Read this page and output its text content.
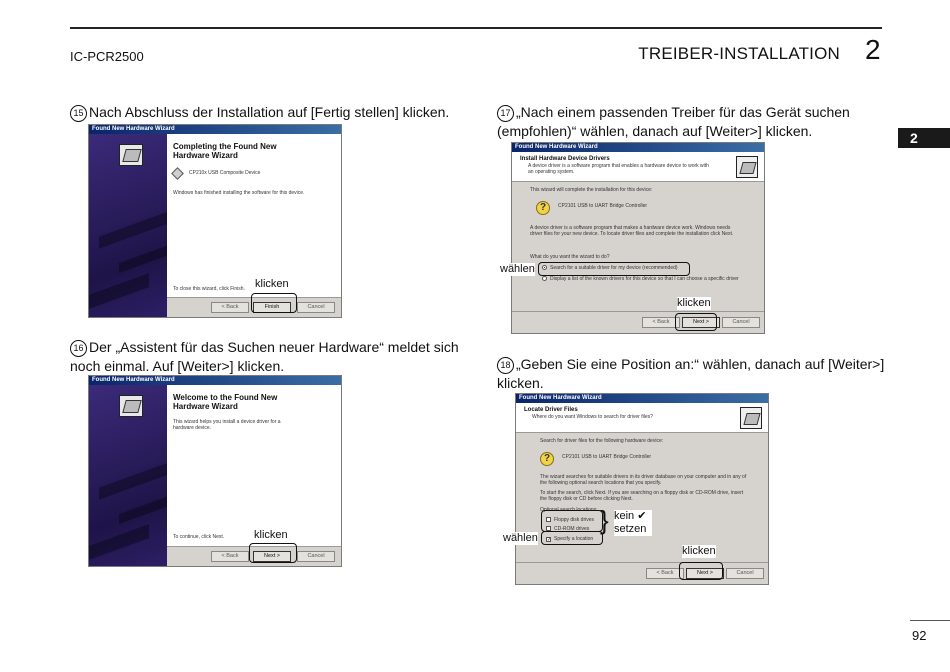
IC-PCR2500	TREIBER-INSTALLATION 2
2
15 Nach Abschluss der Installation auf [Fertig stellen] klicken.
Found New Hardware Wizard
Completing the Found New Hardware Wizard
CP210x USB Composite Device
Windows has finished installing the software for this device.
To close this wizard, click Finish.
< Back	Finish	Cancel
klicken
16 Der „Assistent für das Suchen neuer Hardware“ meldet sich noch einmal. Auf [Weiter>] klicken.
Found New Hardware Wizard
Welcome to the Found New Hardware Wizard
This wizard helps you install a device driver for a hardware device.
To continue, click Next.
< Back	Next >	Cancel
klicken
17 „Nach einem passenden Treiber für das Gerät suchen (empfohlen)“ wählen, danach auf [Weiter>] klicken.
Found New Hardware Wizard
Install Hardware Device Drivers
A device driver is a software program that enables a hardware device to work with an operating system.
This wizard will complete the installation for this device:
?	CP2101 USB to UART Bridge Controller
A device driver is a software program that makes a hardware device work. Windows needs driver files for your new device. To locate driver files and complete the installation click Next.
What do you want the wizard to do?
Search for a suitable driver for my device (recommended)
Display a list of the known drivers for this device so that I can choose a specific driver
< Back	Next >	Cancel
wählen
klicken
18 „Geben Sie eine Position an:“ wählen, danach auf [Weiter>] klicken.
Found New Hardware Wizard
Locate Driver Files
Where do you want Windows to search for driver files?
Search for driver files for the following hardware device:
?	CP2101 USB to UART Bridge Controller
The wizard searches for suitable drivers in its driver database on your computer and in any of the following optional search locations that you specify.
To start the search, click Next. If you are searching on a floppy disk or CD-ROM drive, insert the floppy disk or CD before clicking Next.
Optional search locations:
Floppy disk drives
CD-ROM drives
✓ Specify a location
< Back	Next >	Cancel
} kein ✔ setzen
wählen
klicken
92
